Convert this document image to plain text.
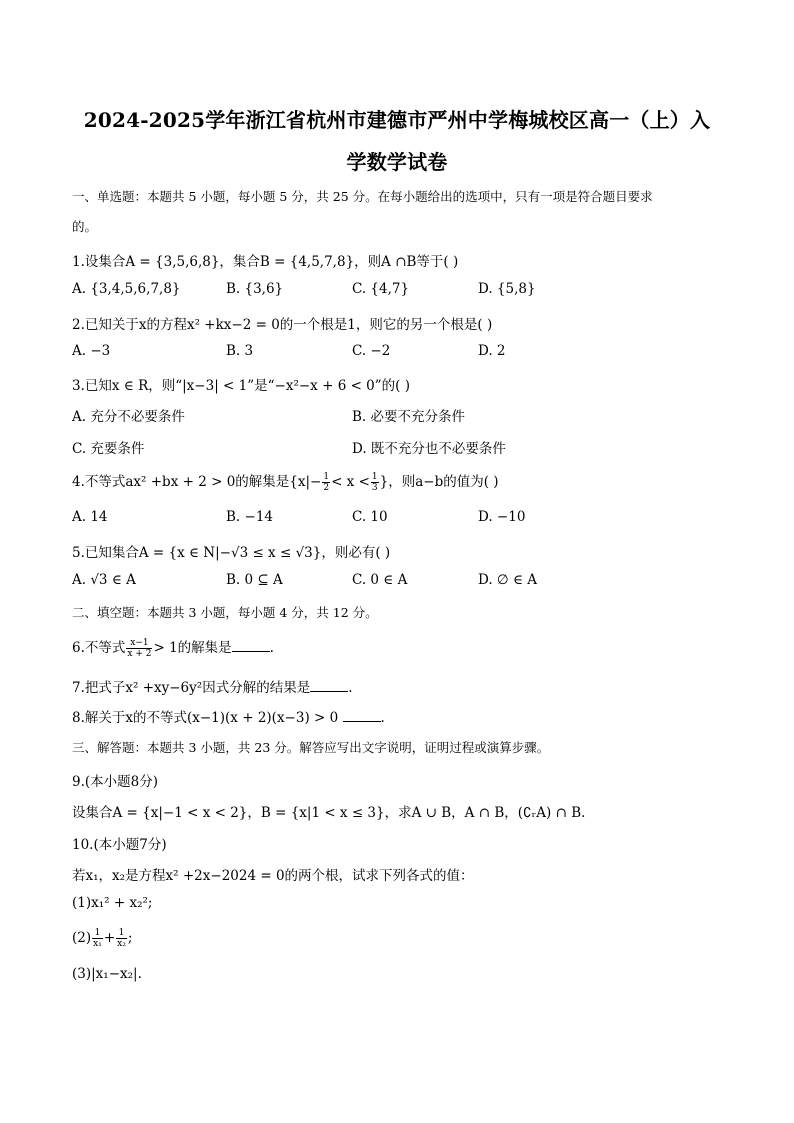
2024-2025学年浙江省杭州市建德市严州中学梅城校区高一（上）入
学数学试卷
一、单选题：本题共 5 小题，每小题 5 分，共 25 分。在每小题给出的选项中，只有一项是符合题目要求
的。
1.设集合A = {3,5,6,8}，集合B = {4,5,7,8}，则A ∩B等于( )
A. {3,4,5,6,7,8}	B. {3,6}	C. {4,7}	D. {5,8}
2.已知关于x的方程x² +kx−2 = 0的一个根是1，则它的另一个根是( )
A. −3	B. 3	C. −2	D. 2
3.已知x ∈ R，则“|x−3| < 1”是“−x²−x + 6 < 0”的( )
A. 充分不必要条件	B. 必要不充分条件
C. 充要条件	D. 既不充分也不必要条件
4.不等式ax² +bx + 2 > 0的解集是{$x|- \frac{1}{2} < x < \frac{1}{3}$ }，则a−b的值为( )
A. 14	B. −14	C. 10	D. −10
5.已知集合A = {x ∈ N|−√3 ≤ x ≤ √3}，则必有( )
A. √3 ∈ A	B. 0 ⊆ A	C. 0 ∈ A	D. ∅ ∈ A
二、填空题：本题共 3 小题，每小题 4 分，共 12 分。
6.不等式 $\frac{x-1}{x + 2} > 1$的解集是	.
7.把式子x² +xy−6y²因式分解的结果是	.
8.解关于x的不等式(x−1)(x + 2)(x−3) > 0	.
三、解答题：本题共 3 小题，共 23 分。解答应写出文字说明，证明过程或演算步骤。
9.(本小题8分)
设集合A = {x|−1 < x < 2}，B = {x|1 < x ≤ 3}，求A ∪ B，A ∩ B，(∁ᵣA) ∩ B.
10.(本小题7分)
若x₁，x₂是方程x² +2x−2024 = 0的两个根，试求下列各式的值：
(1)x₁² + x₂²;
$(2) \frac{1}{\text{x₁}} + \frac{1}{\text{x₂}}$ ;
(3)|x₁−x₂|.
